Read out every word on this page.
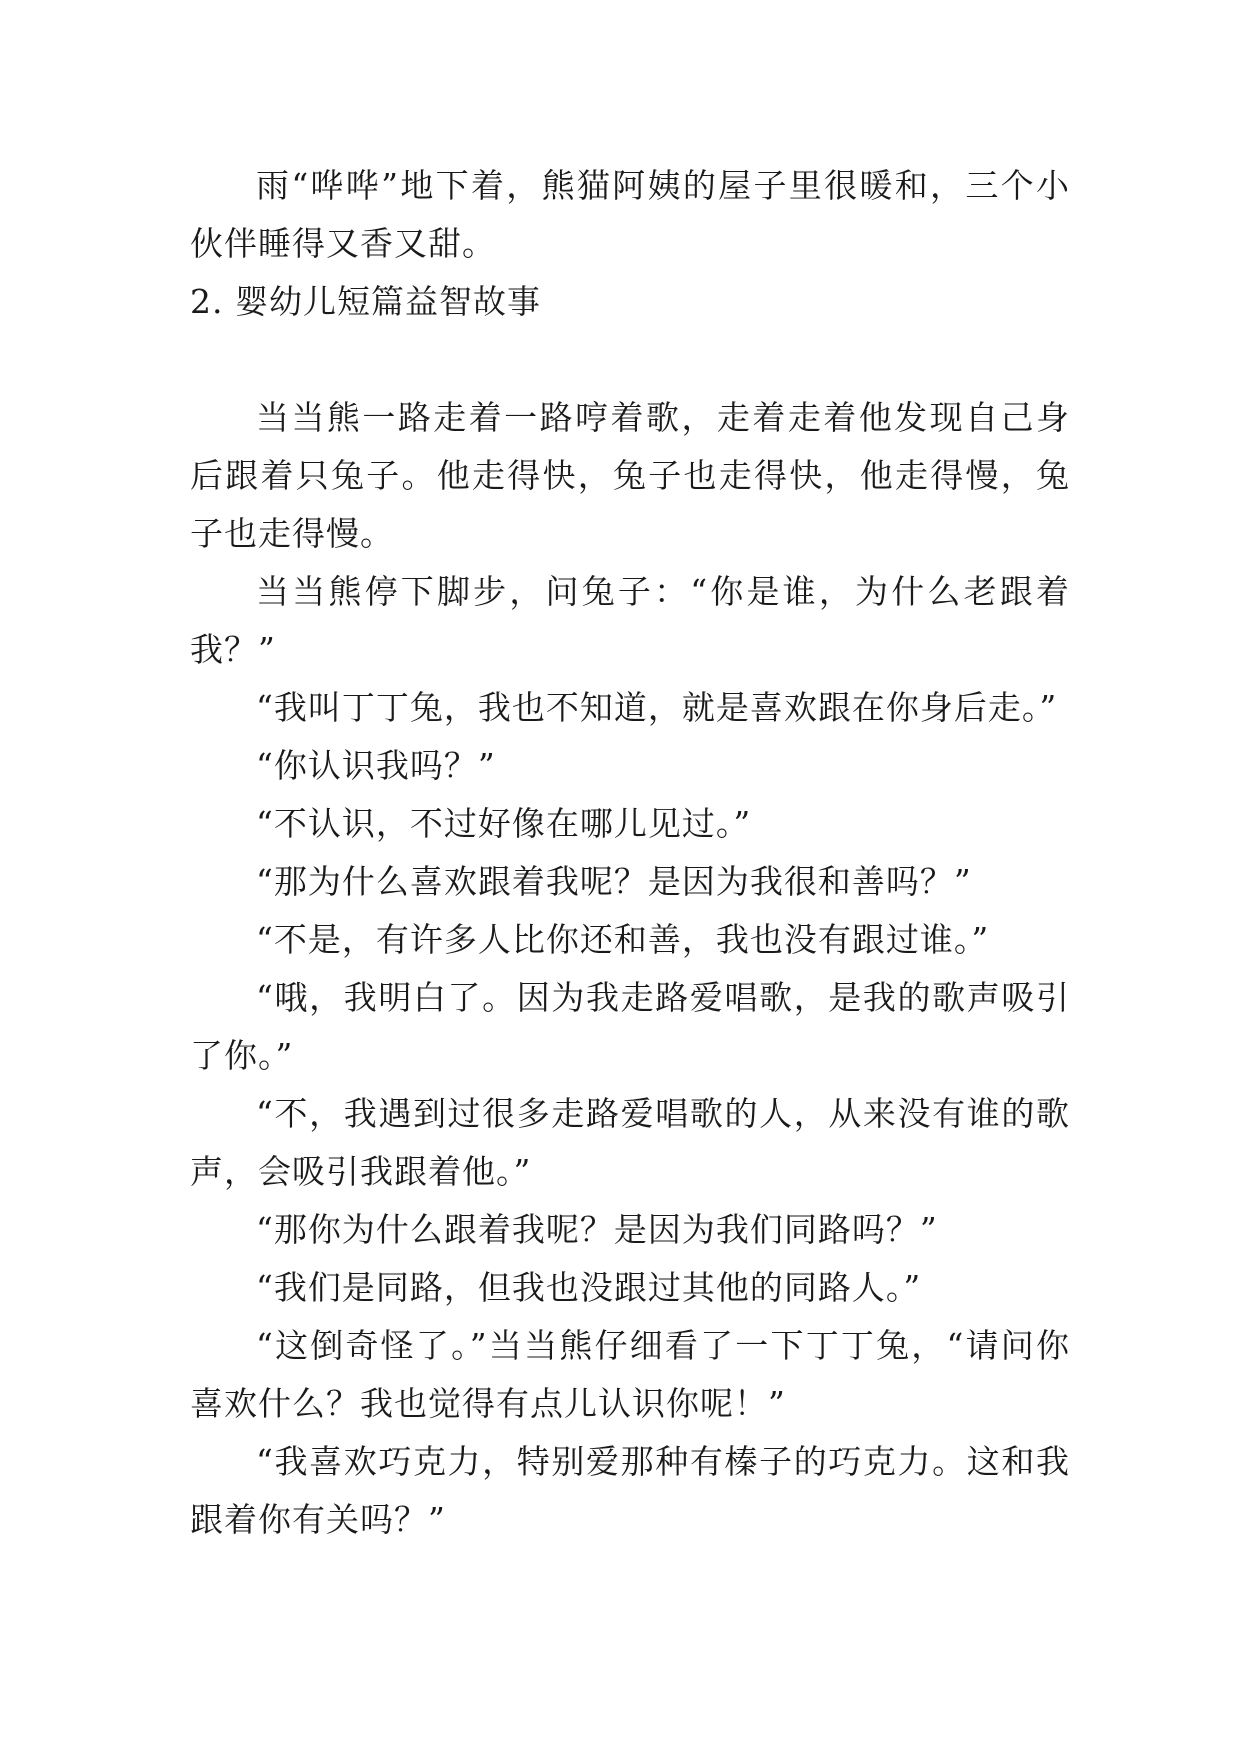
雨“哗哗”地下着，熊猫阿姨的屋子里很暖和，三个小伙伴睡得又香又甜。

2. 婴幼儿短篇益智故事

当当熊一路走着一路哼着歌，走着走着他发现自己身后跟着只兔子。他走得快，兔子也走得快，他走得慢，兔子也走得慢。

当当熊停下脚步，问兔子：“你是谁，为什么老跟着我？”

“我叫丁丁兔，我也不知道，就是喜欢跟在你身后走。”

“你认识我吗？”

“不认识，不过好像在哪儿见过。”

“那为什么喜欢跟着我呢？是因为我很和善吗？”

“不是，有许多人比你还和善，我也没有跟过谁。”

“哦，我明白了。因为我走路爱唱歌，是我的歌声吸引了你。”

“不，我遇到过很多走路爱唱歌的人，从来没有谁的歌声，会吸引我跟着他。”

“那你为什么跟着我呢？是因为我们同路吗？”

“我们是同路，但我也没跟过其他的同路人。”

“这倒奇怪了。”当当熊仔细看了一下丁丁兔，“请问你喜欢什么？我也觉得有点儿认识你呢！”

“我喜欢巧克力，特别爱那种有榛子的巧克力。这和我跟着你有关吗？”
